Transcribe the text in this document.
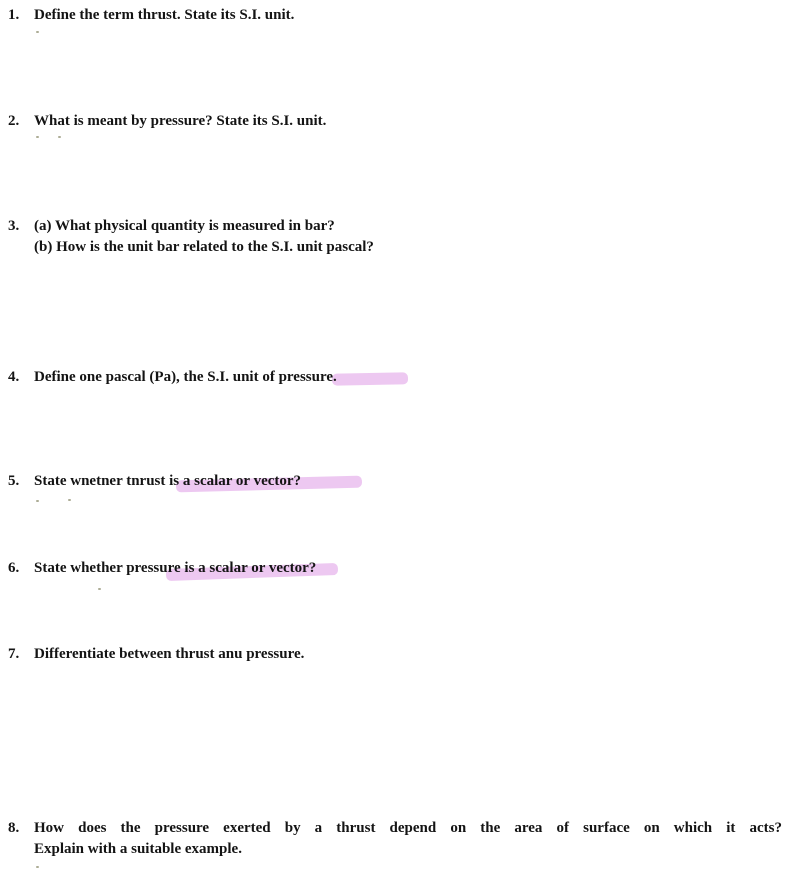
1. Define the term thrust. State its S.I. unit.
2. What is meant by pressure? State its S.I. unit.
3. (a) What physical quantity is measured in bar?
(b) How is the unit bar related to the S.I. unit pascal?
4. Define one pascal (Pa), the S.I. unit of pressure.
5. State wnetner tnrust is a scalar or vector?
6. State whether pressure is a scalar or vector?
7. Differentiate between thrust anu pressure.
8. How does the pressure exerted by a thrust depend on the area of surface on which it acts?
Explain with a suitable example.
